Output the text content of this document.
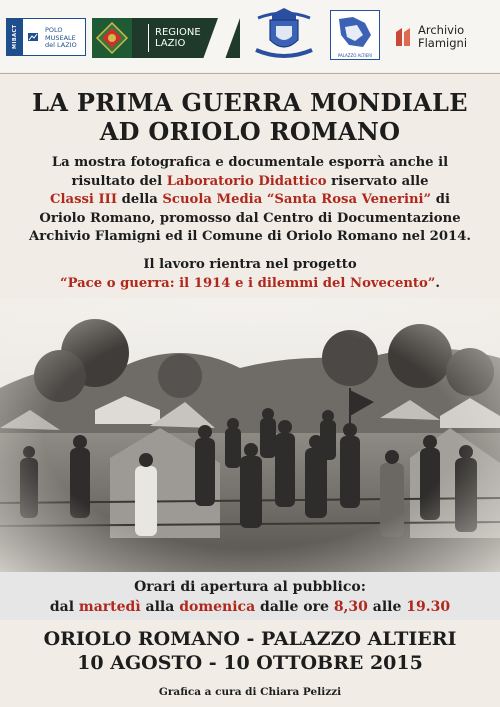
MIBACT	POLO
MUSEALE
del LAZIO
REGIONE
LAZIO
PALAZZO ALTIERI
Archivio
Flamigni
LA PRIMA GUERRA MONDIALE
AD ORIOLO ROMANO
La mostra fotografica e documentale esporrà anche il
risultato del Laboratorio Didattico riservato alle
Classi III della Scuola Media “Santa Rosa Venerini” di
Oriolo Romano, promosso dal Centro di Documentazione
Archivio Flamigni ed il Comune di Oriolo Romano nel 2014.
Il lavoro rientra nel progetto
“Pace o guerra: il 1914 e i dilemmi del Novecento”.
Orari di apertura al pubblico:
dal martedì alla domenica dalle ore 8,30 alle 19.30
ORIOLO ROMANO - PALAZZO ALTIERI
10 AGOSTO - 10 OTTOBRE 2015
Grafica a cura di Chiara Pelizzi
